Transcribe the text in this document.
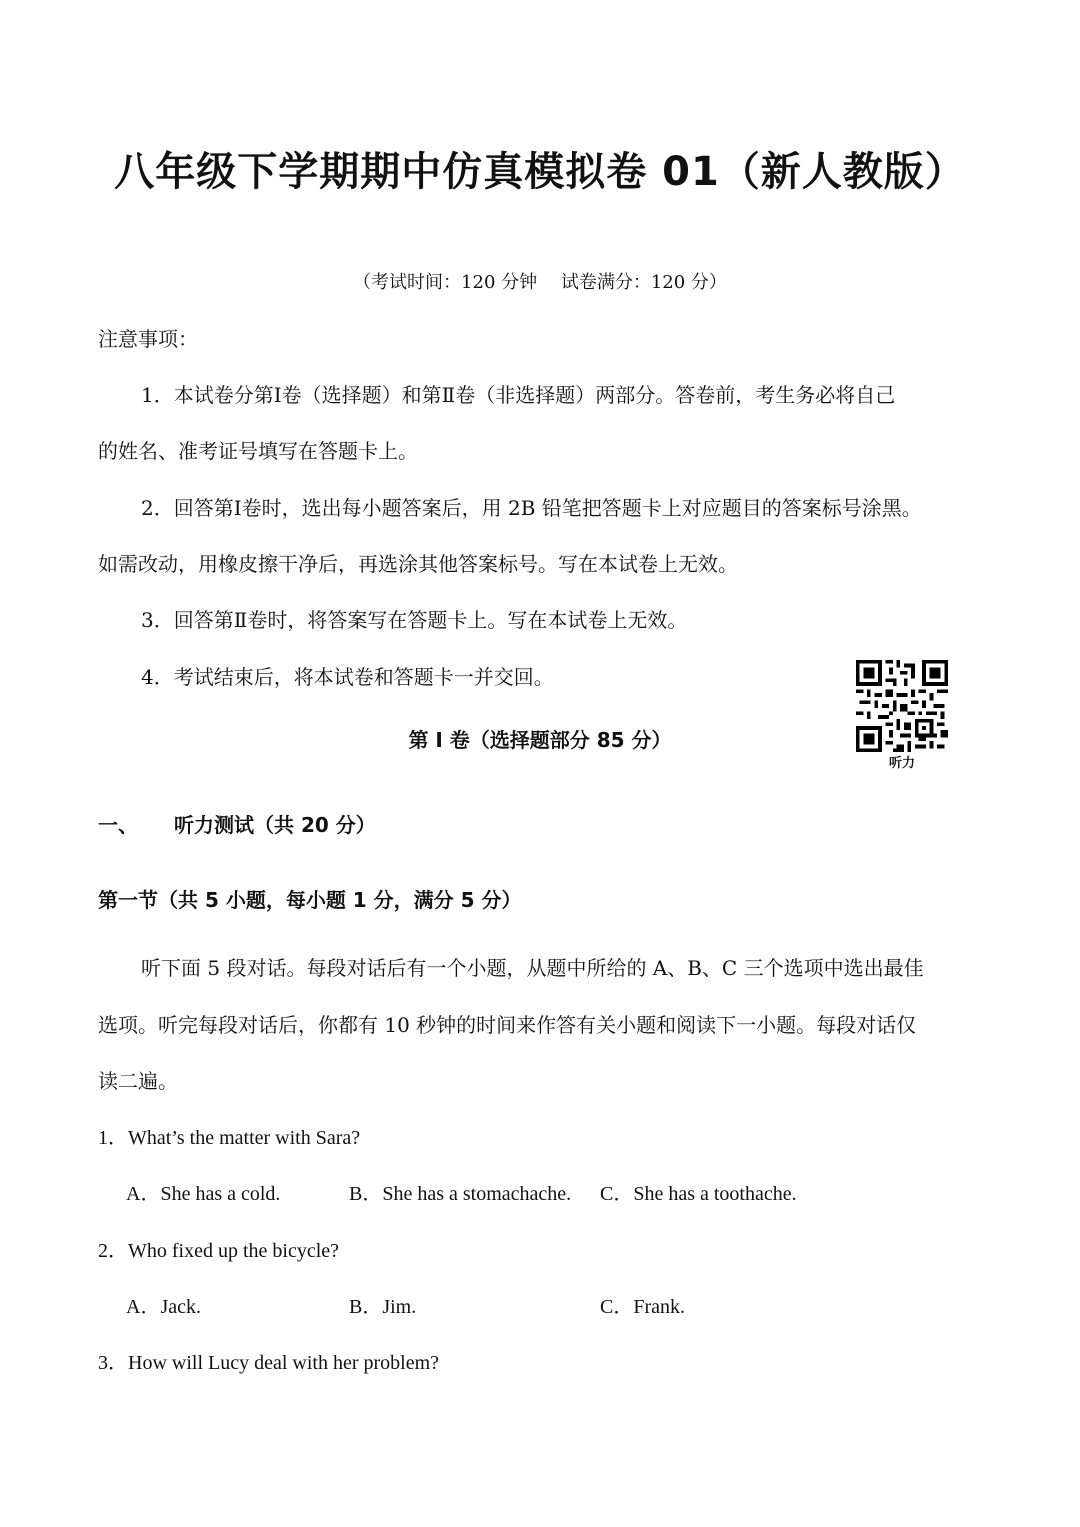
八年级下学期期中仿真模拟卷 01（新人教版）
（考试时间：120 分钟　 试卷满分：120 分）
注意事项：
1．本试卷分第Ⅰ卷（选择题）和第Ⅱ卷（非选择题）两部分。答卷前，考生务必将自己
的姓名、准考证号填写在答题卡上。
2．回答第Ⅰ卷时，选出每小题答案后，用 2B 铅笔把答题卡上对应题目的答案标号涂黑。
如需改动，用橡皮擦干净后，再选涂其他答案标号。写在本试卷上无效。
3．回答第Ⅱ卷时，将答案写在答题卡上。写在本试卷上无效。
4．考试结束后，将本试卷和答题卡一并交回。
听力
第 I 卷（选择题部分 85 分）
一、 听力测试（共 20 分）
第一节（共 5 小题，每小题 1 分，满分 5 分）
听下面 5 段对话。每段对话后有一个小题，从题中所给的 A、B、C 三个选项中选出最佳
选项。听完每段对话后，你都有 10 秒钟的时间来作答有关小题和阅读下一小题。每段对话仅
读二遍。
1．What’s the matter with Sara?
A．She has a cold.	B．She has a stomachache. C．She has a toothache.
2．Who fixed up the bicycle?
A．Jack.	B．Jim.	C．Frank.
3．How will Lucy deal with her problem?
